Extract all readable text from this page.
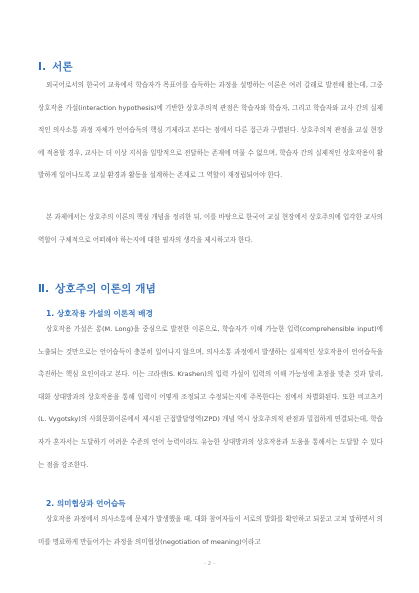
Ⅰ. 서론

외국어로서의 한국어 교육에서 학습자가 목표어를 습득하는 과정을 설명하는 이론은 여러 갈래로 발전해 왔는데, 그중 상호작용 가설(interaction hypothesis)에 기반한 상호주의적 관점은 학습자와 학습자, 그리고 학습자와 교사 간의 실제적인 의사소통 과정 자체가 언어습득의 핵심 기제라고 본다는 점에서 다른 접근과 구별된다. 상호주의적 관점을 교실 현장에 적용할 경우, 교사는 더 이상 지식을 일방적으로 전달하는 존재에 머물 수 없으며, 학습자 간의 실제적인 상호작용이 활발하게 일어나도록 교실 환경과 활동을 설계하는 존재로 그 역할이 재정립되어야 한다.

본 과제에서는 상호주의 이론의 핵심 개념을 정리한 뒤, 이를 바탕으로 한국어 교실 현장에서 상호주의에 입각한 교사의 역할이 구체적으로 어떠해야 하는지에 대한 필자의 생각을 제시하고자 한다.

Ⅱ. 상호주의 이론의 개념
1. 상호작용 가설의 이론적 배경

상호작용 가설은 롱(M. Long)을 중심으로 발전한 이론으로, 학습자가 이해 가능한 입력(comprehensible input)에 노출되는 것만으로는 언어습득이 충분히 일어나지 않으며, 의사소통 과정에서 발생하는 실제적인 상호작용이 언어습득을 촉진하는 핵심 요인이라고 본다. 이는 크라센(S. Krashen)의 입력 가설이 입력의 이해 가능성에 초점을 맞춘 것과 달리, 대화 상대방과의 상호작용을 통해 입력이 어떻게 조정되고 수정되는지에 주목한다는 점에서 차별화된다. 또한 비고츠키(L. Vygotsky)의 사회문화이론에서 제시된 근접발달영역(ZPD) 개념 역시 상호주의적 관점과 밀접하게 연결되는데, 학습자가 혼자서는 도달하기 어려운 수준의 언어 능력이라도 유능한 상대방과의 상호작용과 도움을 통해서는 도달할 수 있다는 점을 강조한다.

2. 의미협상과 언어습득

상호작용 과정에서 의사소통에 문제가 발생했을 때, 대화 참여자들이 서로의 발화를 확인하고 되묻고 고쳐 말하면서 의미를 명료하게 만들어가는 과정을 의미협상(negotiation of meaning)이라고

- 2 -
